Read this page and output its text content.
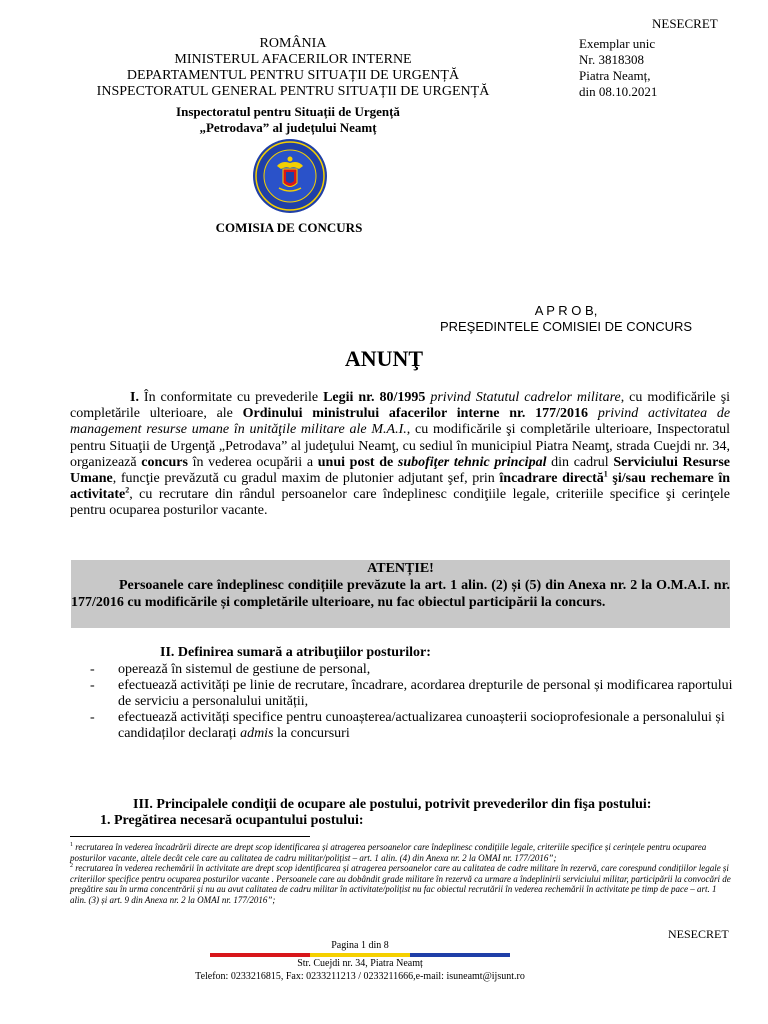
NESECRET
ROMÂNIA
MINISTERUL AFACERILOR INTERNE
DEPARTAMENTUL PENTRU SITUAȚII DE URGENȚĂ
INSPECTORATUL GENERAL PENTRU SITUAȚII DE URGENȚĂ
Inspectoratul pentru Situații de Urgență
„Petrodava” al județului Neamț
Exemplar unic
Nr. 3818308
Piatra Neamț,
din 08.10.2021
COMISIA DE CONCURS
A P R O B,
PREŞEDINTELE COMISIEI DE CONCURS
ANUNŢ
I. În conformitate cu prevederile Legii nr. 80/1995 privind Statutul cadrelor militare, cu modificările şi completările ulterioare, ale Ordinului ministrului afacerilor interne nr. 177/2016 privind activitatea de management resurse umane în unităţile militare ale M.A.I., cu modificările şi completările ulterioare, Inspectoratul pentru Situaţii de Urgenţă „Petrodava” al judeţului Neamţ, cu sediul în municipiul Piatra Neamţ, strada Cuejdi nr. 34, organizează concurs în vederea ocupării a unui post de subofiţer tehnic principal din cadrul Serviciului Resurse Umane, funcţie prevăzută cu gradul maxim de plutonier adjutant şef, prin încadrare directă$^1$ şi/sau rechemare în activitate$^2$, cu recrutare din rândul persoanelor care îndeplinesc condiţiile legale, criteriile specifice şi cerinţele pentru ocuparea posturilor vacante.
ATENȚIE!
Persoanele care îndeplinesc condițiile prevăzute la art. 1 alin. (2) și (5) din Anexa nr. 2 la O.M.A.I. nr. 177/2016 cu modificările și completările ulterioare, nu fac obiectul participării la concurs.
II. Definirea sumară a atribuţiilor posturilor:
-	operează în sistemul de gestiune de personal,
-	efectuează activități pe linie de recrutare, încadrare, acordarea drepturile de personal și modificarea raportului de serviciu a personalului unității,
-	efectuează activități specifice pentru cunoașterea/actualizarea cunoașterii socioprofesionale a personalului și candidaților declarați admis la concursuri
III. Principalele condiţii de ocupare ale postului, potrivit prevederilor din fişa postului:
1. Pregătirea necesară ocupantului postului:
$^1$ recrutarea în vederea încadrării directe are drept scop identificarea și atragerea persoanelor care îndeplinesc condițiile legale, criteriile specifice și cerințele pentru ocuparea posturilor vacante, altele decât cele care au calitatea de cadru militar/polițist – art. 1 alin. (4) din Anexa nr. 2 la OMAI nr. 177/2016”;
$^2$ recrutarea în vederea rechemării în activitate are drept scop identificarea și atragerea persoanelor care au calitatea de cadre militare în rezervă, care corespund condițiilor legale și criteriilor specifice pentru ocuparea posturilor vacante . Persoanele care au dobândit grade militare în rezervă ca urmare a îndeplinirii serviciului militar, participării la convocări de pregătire sau în urma concentrării și nu au avut calitatea de cadru militar în activitate/polițist nu fac obiectul recrutării în vederea rechemării în activitate pe timp de pace – art. 1 alin. (3) și art. 9 din Anexa nr. 2 la OMAI nr. 177/2016”;
NESECRET
Pagina 1 din 8
Str. Cuejdi nr. 34, Piatra Neamț
Telefon: 0233216815, Fax: 0233211213 / 0233211666,e-mail: isuneamt@ijsunt.ro
